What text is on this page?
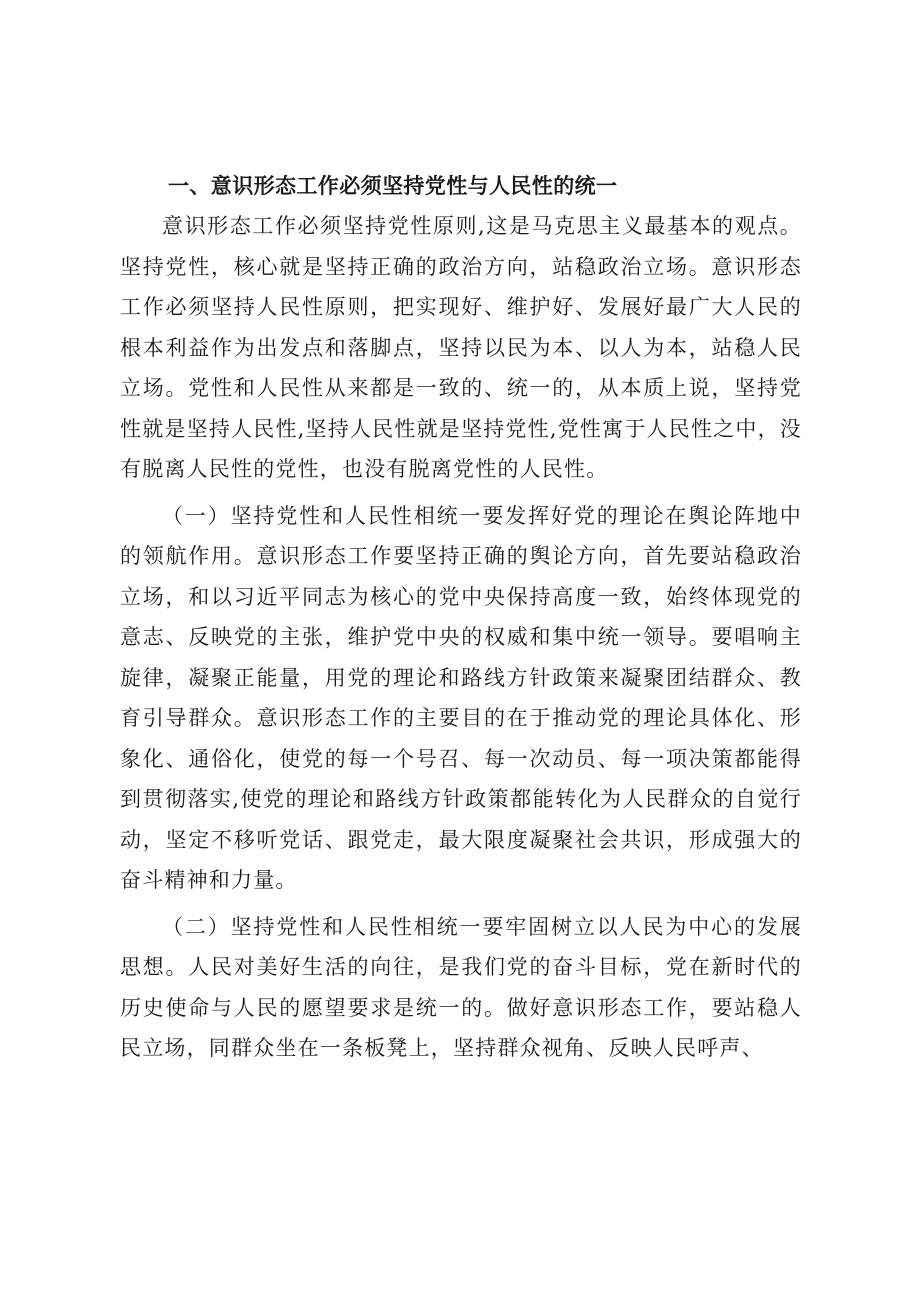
一、意识形态工作必须坚持党性与人民性的统一

意识形态工作必须坚持党性原则,这是马克思主义最基本的观点。坚持党性，核心就是坚持正确的政治方向，站稳政治立场。意识形态工作必须坚持人民性原则，把实现好、维护好、发展好最广大人民的根本利益作为出发点和落脚点，坚持以民为本、以人为本，站稳人民立场。党性和人民性从来都是一致的、统一的，从本质上说，坚持党性就是坚持人民性,坚持人民性就是坚持党性,党性寓于人民性之中，没有脱离人民性的党性，也没有脱离党性的人民性。

（一）坚持党性和人民性相统一要发挥好党的理论在舆论阵地中的领航作用。意识形态工作要坚持正确的舆论方向，首先要站稳政治立场，和以习近平同志为核心的党中央保持高度一致，始终体现党的意志、反映党的主张，维护党中央的权威和集中统一领导。要唱响主旋律，凝聚正能量，用党的理论和路线方针政策来凝聚团结群众、教育引导群众。意识形态工作的主要目的在于推动党的理论具体化、形象化、通俗化，使党的每一个号召、每一次动员、每一项决策都能得到贯彻落实,使党的理论和路线方针政策都能转化为人民群众的自觉行动，坚定不移听党话、跟党走，最大限度凝聚社会共识，形成强大的奋斗精神和力量。

（二）坚持党性和人民性相统一要牢固树立以人民为中心的发展思想。人民对美好生活的向往，是我们党的奋斗目标，党在新时代的历史使命与人民的愿望要求是统一的。做好意识形态工作，要站稳人民立场，同群众坐在一条板凳上，坚持群众视角、反映人民呼声、
